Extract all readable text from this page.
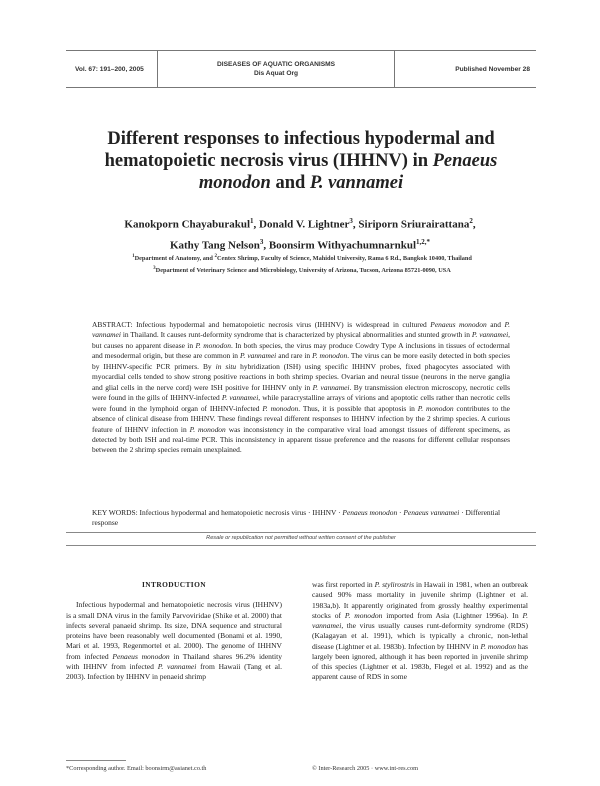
Vol. 67: 191–200, 2005
DISEASES OF AQUATIC ORGANISMS
Dis Aquat Org
Published November 28
Different responses to infectious hypodermal and
hematopoietic necrosis virus (IHHNV) in Penaeus
monodon and P. vannamei
Kanokporn Chayaburakul$^1$, Donald V. Lightner$^3$, Siriporn Sriurairattana$^2$,
Kathy Tang Nelson$^3$, Boonsirm Withyachumnarnkul$^{1,2,*}$
$^1$Department of Anatomy, and $^2$Centex Shrimp, Faculty of Science, Mahidol University, Rama 6 Rd., Bangkok 10400, Thailand
$^3$Department of Veterinary Science and Microbiology, University of Arizona, Tucson, Arizona 85721-0090, USA
ABSTRACT: Infectious hypodermal and hematopoietic necrosis virus (IHHNV) is widespread in cultured Penaeus monodon and P. vannamei in Thailand. It causes runt-deformity syndrome that is characterized by physical abnormalities and stunted growth in P. vannamei, but causes no apparent disease in P. monodon. In both species, the virus may produce Cowdry Type A inclusions in tissues of ectodermal and mesodermal origin, but these are common in P. vannamei and rare in P. monodon. The virus can be more easily detected in both species by IHHNV-specific PCR primers. By in situ hybridization (ISH) using specific IHHNV probes, fixed phagocytes associated with myocardial cells tended to show strong positive reactions in both shrimp species. Ovarian and neural tissue (neurons in the nerve ganglia and glial cells in the nerve cord) were ISH positive for IHHNV only in P. vannamei. By transmission electron microscopy, necrotic cells were found in the gills of IHHNV-infected P. vannamei, while paracrystalline arrays of virions and apoptotic cells rather than necrotic cells were found in the lymphoid organ of IHHNV-infected P. monodon. Thus, it is possible that apoptosis in P. monodon contributes to the absence of clinical disease from IHHNV. These findings reveal different responses to IHHNV infection by the 2 shrimp species. A curious feature of IHHNV infection in P. monodon was inconsistency in the comparative viral load amongst tissues of different specimens, as detected by both ISH and real-time PCR. This inconsistency in apparent tissue preference and the reasons for different cellular responses between the 2 shrimp species remain unexplained.
KEY WORDS: Infectious hypodermal and hematopoietic necrosis virus · IHHNV · Penaeus monodon · Penaeus vannamei · Differential response
Resale or republication not permitted without written consent of the publisher
INTRODUCTION

Infectious hypodermal and hematopoietic necrosis virus (IHHNV) is a small DNA virus in the family Parvoviridae (Shike et al. 2000) that infects several panaeid shrimp. Its size, DNA sequence and structural proteins have been reasonably well documented (Bonami et al. 1990, Mari et al. 1993, Regenmortel et al. 2000). The genome of IHHNV from infected Penaeus monodon in Thailand shares 96.2% identity with IHHNV from infected P. vannamei from Hawaii (Tang et al. 2003). Infection by IHHNV in penaeid shrimp

was first reported in P. stylirostris in Hawaii in 1981, when an outbreak caused 90% mass mortality in juvenile shrimp (Lightner et al. 1983a,b). It apparently originated from grossly healthy experimental stocks of P. monodon imported from Asia (Lightner 1996a). In P. vannamei, the virus usually causes runt-deformity syndrome (RDS) (Kalagayan et al. 1991), which is typically a chronic, non-lethal disease (Lightner et al. 1983b). Infection by IHHNV in P. monodon has largely been ignored, although it has been reported in juvenile shrimp of this species (Lightner et al. 1983b, Flegel et al. 1992) and as the apparent cause of RDS in some

*Corresponding author. Email: boonsirm@asianet.co.th	© Inter-Research 2005 · www.int-res.com
